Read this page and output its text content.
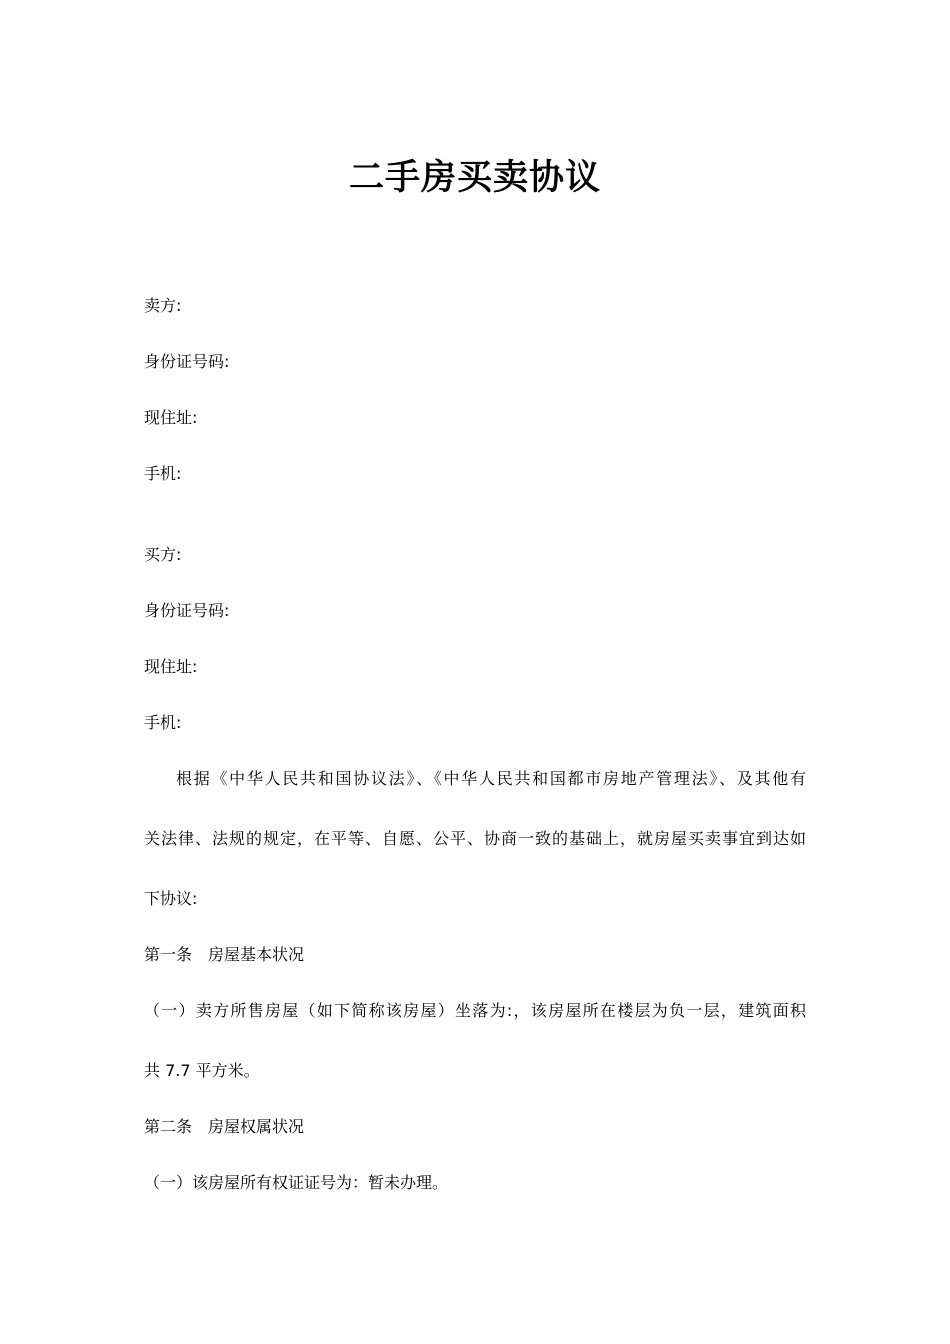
二手房买卖协议
卖方:
身份证号码:
现住址:
手机:
买方:
身份证号码:
现住址:
手机:
根据《中华人民共和国协议法》、《中华人民共和国都市房地产管理法》、及其他有
关法律、法规的规定，在平等、自愿、公平、协商一致的基础上，就房屋买卖事宜到达如
下协议:
第一条 房屋基本状况
（一）卖方所售房屋（如下简称该房屋）坐落为:，该房屋所在楼层为负一层，建筑面积
共 7.7 平方米。
第二条 房屋权属状况
（一）该房屋所有权证证号为：暂未办理。
